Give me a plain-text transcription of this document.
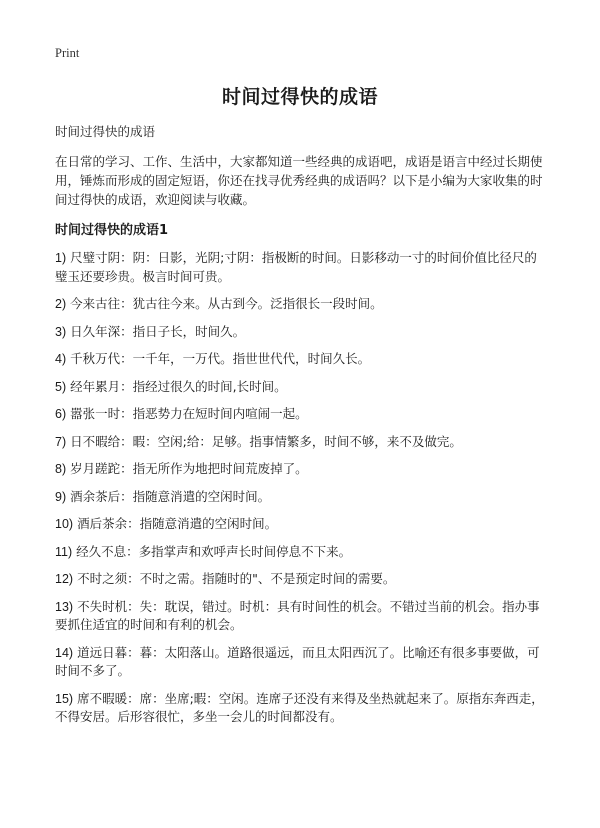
Print
时间过得快的成语

时间过得快的成语

在日常的学习、工作、生活中，大家都知道一些经典的成语吧，成语是语言中经过长期使用，锤炼而形成的固定短语，你还在找寻优秀经典的成语吗？以下是小编为大家收集的时间过得快的成语，欢迎阅读与收藏。

时间过得快的成语1

1) 尺璧寸阴：阴：日影，光阴;寸阴：指极断的时间。日影移动一寸的时间价值比径尺的璧玉还要珍贵。极言时间可贵。

2) 今来古往：犹古往今来。从古到今。泛指很长一段时间。

3) 日久年深：指日子长，时间久。

4) 千秋万代：一千年，一万代。指世世代代，时间久长。

5) 经年累月：指经过很久的时间,长时间。

6) 嚣张一时：指恶势力在短时间内喧闹一起。

7) 日不暇给：暇：空闲;给：足够。指事情繁多，时间不够，来不及做完。

8) 岁月蹉跎：指无所作为地把时间荒废掉了。

9) 酒余茶后：指随意消遣的空闲时间。

10) 酒后茶余：指随意消遣的空闲时间。

11) 经久不息：多指掌声和欢呼声长时间停息不下来。

12) 不时之须：不时之需。指随时的"、不是预定时间的需要。

13) 不失时机：失：耽误，错过。时机：具有时间性的机会。不错过当前的机会。指办事要抓住适宜的时间和有利的机会。

14) 道远日暮：暮：太阳落山。道路很遥远，而且太阳西沉了。比喻还有很多事要做，可时间不多了。

15) 席不暇暖：席：坐席;暇：空闲。连席子还没有来得及坐热就起来了。原指东奔西走，不得安居。后形容很忙，多坐一会儿的时间都没有。
